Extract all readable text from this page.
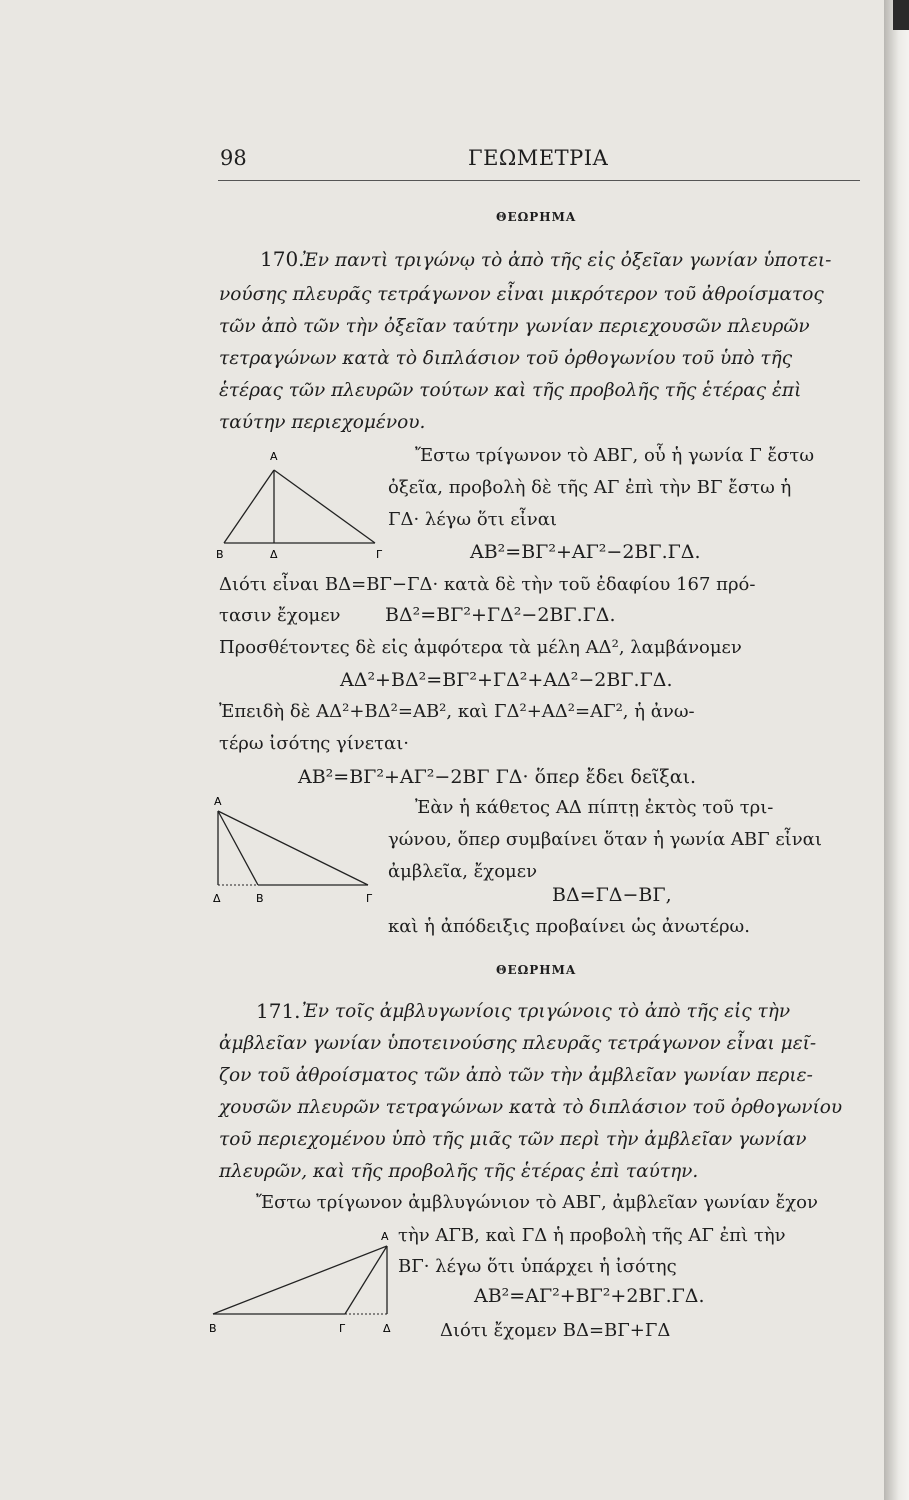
98	ΓΕΩΜΕΤΡΙΑ
ΘΕΩΡΗΜΑ
170.
Ἐν παντὶ τριγώνῳ τὸ ἀπὸ τῆς εἰς ὀξεῖαν γωνίαν ὑποτει-
νούσης πλευρᾶς τετράγωνον εἶναι μικρότερον τοῦ ἀθροίσματος
τῶν ἀπὸ τῶν τὴν ὀξεῖαν ταύτην γωνίαν περιεχουσῶν πλευρῶν
τετραγώνων κατὰ τὸ διπλάσιον τοῦ ὀρθογωνίου τοῦ ὑπὸ τῆς
ἑτέρας τῶν πλευρῶν τούτων καὶ τῆς προβολῆς τῆς ἑτέρας ἐπὶ
ταύτην περιεχομένου.
Α
Β	Δ	Γ
Ἔστω τρίγωνον τὸ ΑΒΓ, οὗ ἡ γωνία Γ ἔστω
ὀξεῖα, προβολὴ δὲ τῆς ΑΓ ἐπὶ τὴν ΒΓ ἔστω ἡ
ΓΔ· λέγω ὅτι εἶναι
ΑΒ²=ΒΓ²+ΑΓ²−2ΒΓ.ΓΔ.
Διότι εἶναι ΒΔ=ΒΓ−ΓΔ· κατὰ δὲ τὴν τοῦ ἐδαφίου 167 πρό-
τασιν ἔχομεν ΒΔ²=ΒΓ²+ΓΔ²−2ΒΓ.ΓΔ.
Προσθέτοντες δὲ εἰς ἀμφότερα τὰ μέλη ΑΔ², λαμβάνομεν
ΑΔ²+ΒΔ²=ΒΓ²+ΓΔ²+ΑΔ²−2ΒΓ.ΓΔ.
Ἐπειδὴ δὲ ΑΔ²+ΒΔ²=ΑΒ², καὶ ΓΔ²+ΑΔ²=ΑΓ², ἡ ἀνω-
τέρω ἰσότης γίνεται·
ΑΒ²=ΒΓ²+ΑΓ²−2ΒΓ ΓΔ· ὅπερ ἔδει δεῖξαι.
Α
Δ	Β	Γ
Ἐὰν ἡ κάθετος ΑΔ πίπτῃ ἐκτὸς τοῦ τρι-
γώνου, ὅπερ συμβαίνει ὅταν ἡ γωνία ΑΒΓ εἶναι
ἀμβλεῖα, ἔχομεν
ΒΔ=ΓΔ−ΒΓ,
καὶ ἡ ἀπόδειξις προβαίνει ὡς ἀνωτέρω.
ΘΕΩΡΗΜΑ
171. Ἐν τοῖς ἀμβλυγωνίοις τριγώνοις τὸ ἀπὸ τῆς εἰς τὴν
ἀμβλεῖαν γωνίαν ὑποτεινούσης πλευρᾶς τετράγωνον εἶναι μεῖ-
ζον τοῦ ἀθροίσματος τῶν ἀπὸ τῶν τὴν ἀμβλεῖαν γωνίαν περιε-
χουσῶν πλευρῶν τετραγώνων κατὰ τὸ διπλάσιον τοῦ ὀρθογωνίου
τοῦ περιεχομένου ὑπὸ τῆς μιᾶς τῶν περὶ τὴν ἀμβλεῖαν γωνίαν
πλευρῶν, καὶ τῆς προβολῆς τῆς ἑτέρας ἐπὶ ταύτην.
Ἔστω τρίγωνον ἀμβλυγώνιον τὸ ΑΒΓ, ἀμβλεῖαν γωνίαν ἔχον
τὴν ΑΓΒ, καὶ ΓΔ ἡ προβολὴ τῆς ΑΓ ἐπὶ τὴν
ΒΓ· λέγω ὅτι ὑπάρχει ἡ ἰσότης
ΑΒ²=ΑΓ²+ΒΓ²+2ΒΓ.ΓΔ.
Διότι ἔχομεν ΒΔ=ΒΓ+ΓΔ
Α
Β	Γ	Δ
